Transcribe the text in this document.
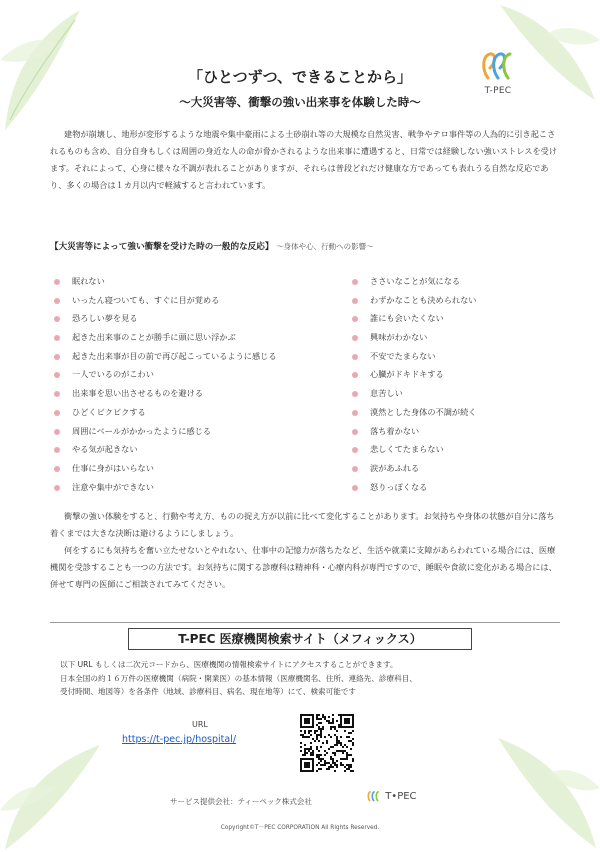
「ひとつずつ、できることから」
〜大災害等、衝撃の強い出来事を体験した時〜
T-PEC
建物が崩壊し、地形が変形するような地震や集中豪雨による土砂崩れ等の大規模な自然災害、戦争やテロ事件等の人為的に引き起こされるものも含め、自分自身もしくは周囲の身近な人の命が脅かされるような出来事に遭遇すると、日常では経験しない強いストレスを受けます。それによって、心身に様々な不調が表れることがありますが、それらは普段どれだけ健康な方であっても表れうる自然な反応であり、多くの場合は１カ月以内で軽減すると言われています。
【大災害等によって強い衝撃を受けた時の一般的な反応】 〜身体や心、行動への影響〜
眠れない
いったん寝ついても、すぐに目が覚める
恐ろしい夢を見る
起きた出来事のことが勝手に頭に思い浮かぶ
起きた出来事が目の前で再び起こっているように感じる
一人でいるのがこわい
出来事を思い出させるものを避ける
ひどくビクビクする
周囲にベールがかかったように感じる
やる気が起きない
仕事に身がはいらない
注意や集中ができない
ささいなことが気になる
わずかなことも決められない
誰にも会いたくない
興味がわかない
不安でたまらない
心臓がドキドキする
息苦しい
漠然とした身体の不調が続く
落ち着かない
悲しくてたまらない
涙があふれる
怒りっぽくなる

衝撃の強い体験をすると、行動や考え方、ものの捉え方が以前に比べて変化することがあります。お気持ちや身体の状態が自分に落ち着くまでは大きな決断は避けるようにしましょう。

何をするにも気持ちを奮い立たせないとやれない、仕事中の記憶力が落ちたなど、生活や就業に支障があらわれている場合には、医療機関を受診することも一つの方法です。お気持ちに関する診療科は精神科・心療内科が専門ですので、睡眠や食欲に変化がある場合には、併せて専門の医師にご相談されてみてください。

T-PEC 医療機関検索サイト（メフィックス）

以下 URL もしくは二次元コードから、医療機関の情報検索サイトにアクセスすることができます。

日本全国の約１６万件の医療機関（病院・開業医）の基本情報（医療機関名、住所、連絡先、診療科目、

受付時間、地図等）を各条件（地域、診療科目、病名、現在地等）にて、検索可能です

URL
https://t-pec.jp/hospital/
サービス提供会社：ティーペック株式会社	T•PEC
Copyright©T－PEC CORPORATION All Rights Reserved.
